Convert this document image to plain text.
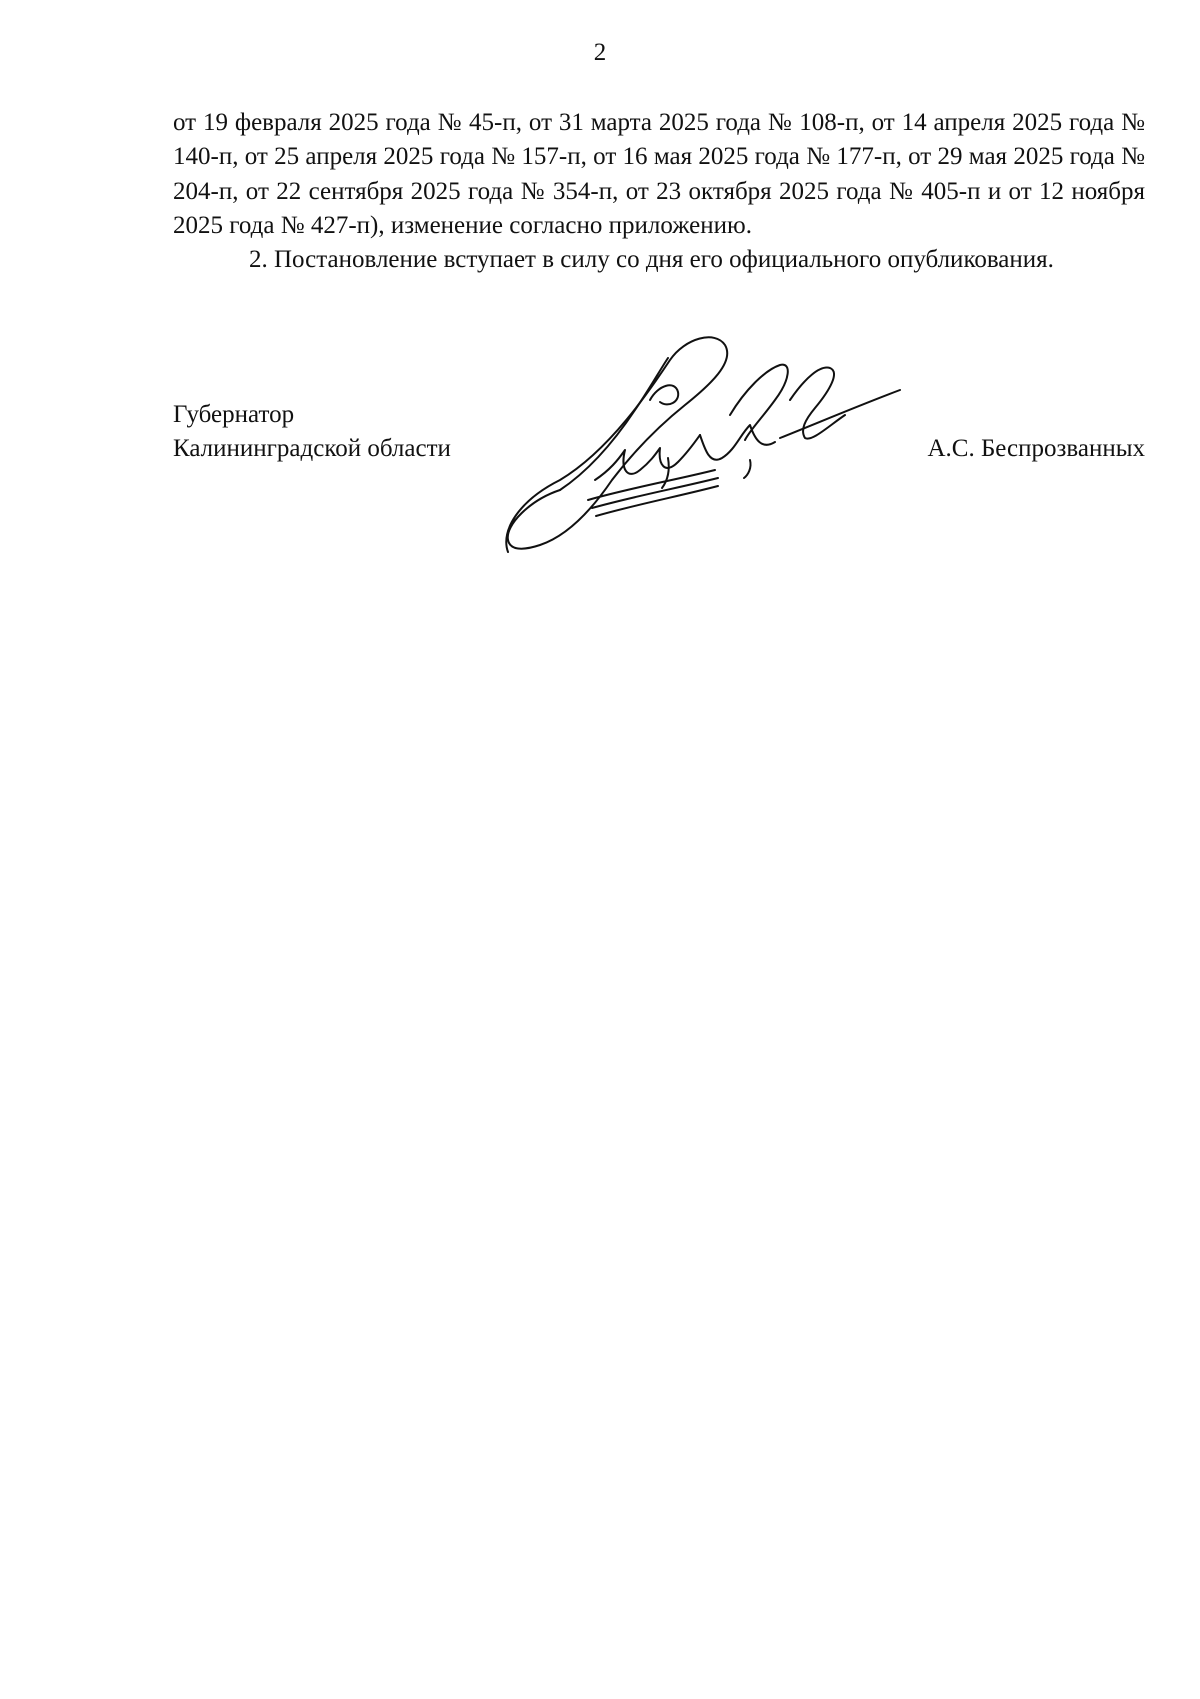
2

от 19 февраля 2025 года № 45-п, от 31 марта 2025 года № 108-п, от 14 апреля 2025 года № 140-п, от 25 апреля 2025 года № 157-п, от 16 мая 2025 года № 177-п, от 29 мая 2025 года № 204-п, от 22 сентября 2025 года № 354-п, от 23 октября 2025 года № 405-п и от 12 ноября 2025 года № 427-п), изменение согласно приложению.

2. Постановление вступает в силу со дня его официального опубликования.

Губернатор
Калининградской области	А.С. Беспрозванных
